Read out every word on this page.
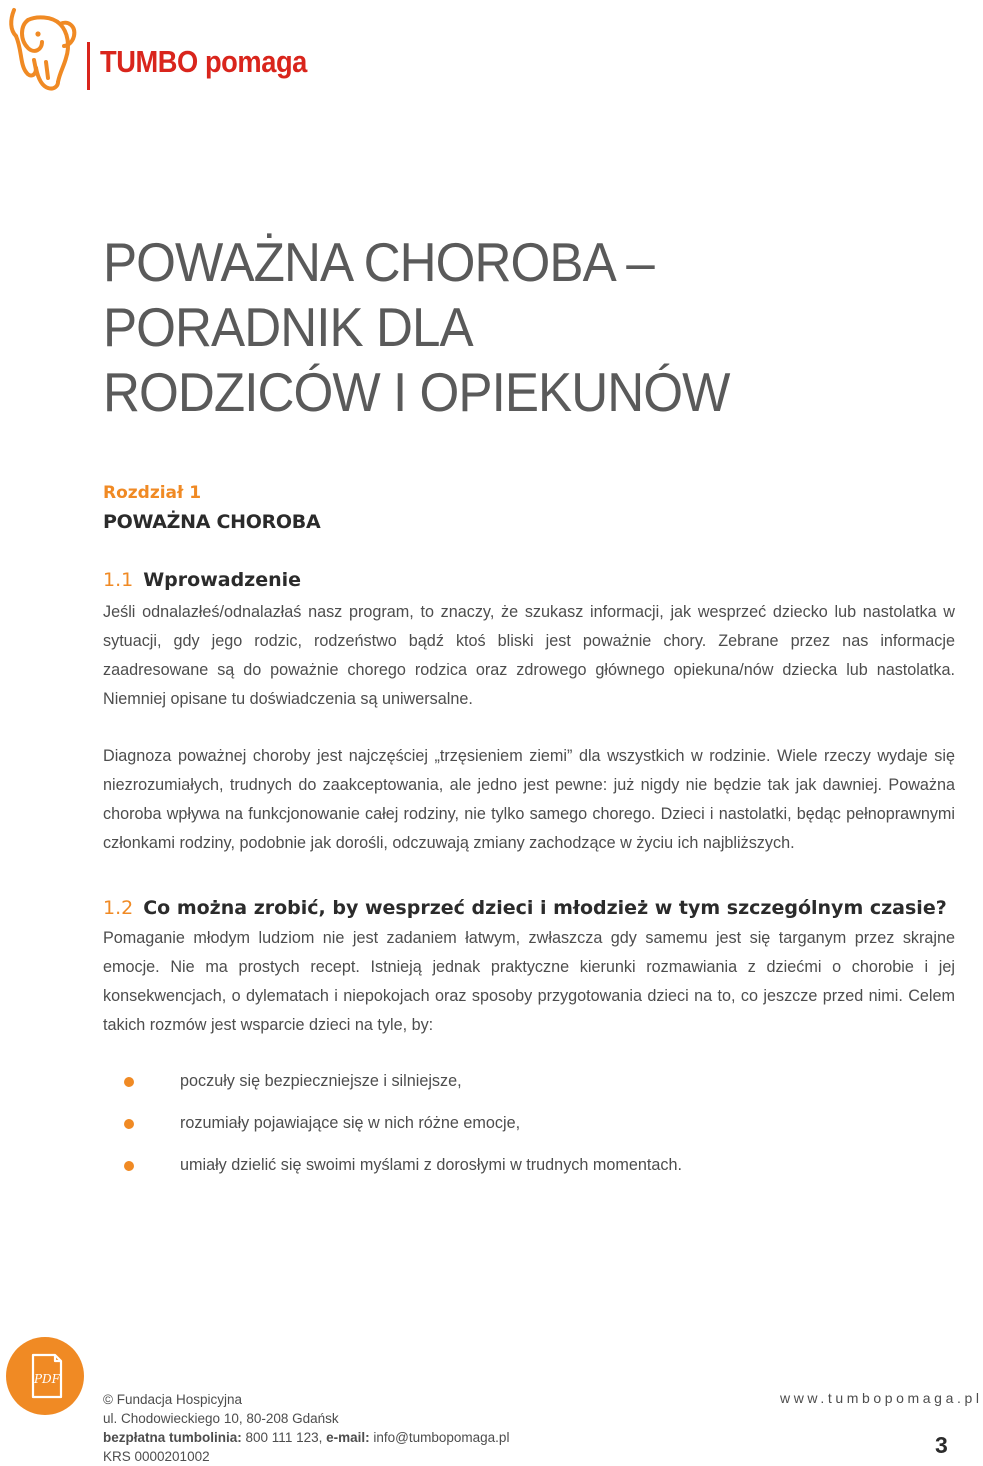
TUMBO pomaga
POWAŻNA CHOROBA –
PORADNIK DLA
RODZICÓW I OPIEKUNÓW
Rozdział 1
POWAŻNA CHOROBA
1.1 Wprowadzenie
Jeśli odnalazłeś/odnalazłaś nasz program, to znaczy, że szukasz informacji, jak wesprzeć dziecko lub nastolatka w sytuacji, gdy jego rodzic, rodzeństwo bądź ktoś bliski jest poważnie chory. Zebrane przez nas informacje zaadresowane są do poważnie chorego rodzica oraz zdrowego głównego opiekuna/nów dziecka lub nastolatka. Niemniej opisane tu doświadczenia są uniwersalne.
Diagnoza poważnej choroby jest najczęściej „trzęsieniem ziemi” dla wszystkich w rodzinie. Wiele rzeczy wydaje się niezrozumiałych, trudnych do zaakceptowania, ale jedno jest pewne: już nigdy nie będzie tak jak dawniej. Poważna choroba wpływa na funkcjonowanie całej rodziny, nie tylko samego chorego. Dzieci i nastolatki, będąc pełnoprawnymi członkami rodziny, podobnie jak dorośli, odczuwają zmiany zachodzące w życiu ich najbliższych.
1.2 Co można zrobić, by wesprzeć dzieci i młodzież w tym szczególnym czasie?
Pomaganie młodym ludziom nie jest zadaniem łatwym, zwłaszcza gdy samemu jest się targanym przez skrajne emocje. Nie ma prostych recept. Istnieją jednak praktyczne kierunki rozmawiania z dziećmi o chorobie i jej konsekwencjach, o dylematach i niepokojach oraz sposoby przygotowania dzieci na to, co jeszcze przed nimi. Celem takich rozmów jest wsparcie dzieci na tyle, by:
poczuły się bezpieczniejsze i silniejsze,
rozumiały pojawiające się w nich różne emocje,
umiały dzielić się swoimi myślami z dorosłymi w trudnych momentach.
PDF
© Fundacja Hospicyjna
ul. Chodowieckiego 10, 80-208 Gdańsk
bezpłatna tumbolinia: 800 111 123, e-mail: info@tumbopomaga.pl
KRS 0000201002
www.tumbopomaga.pl
3
